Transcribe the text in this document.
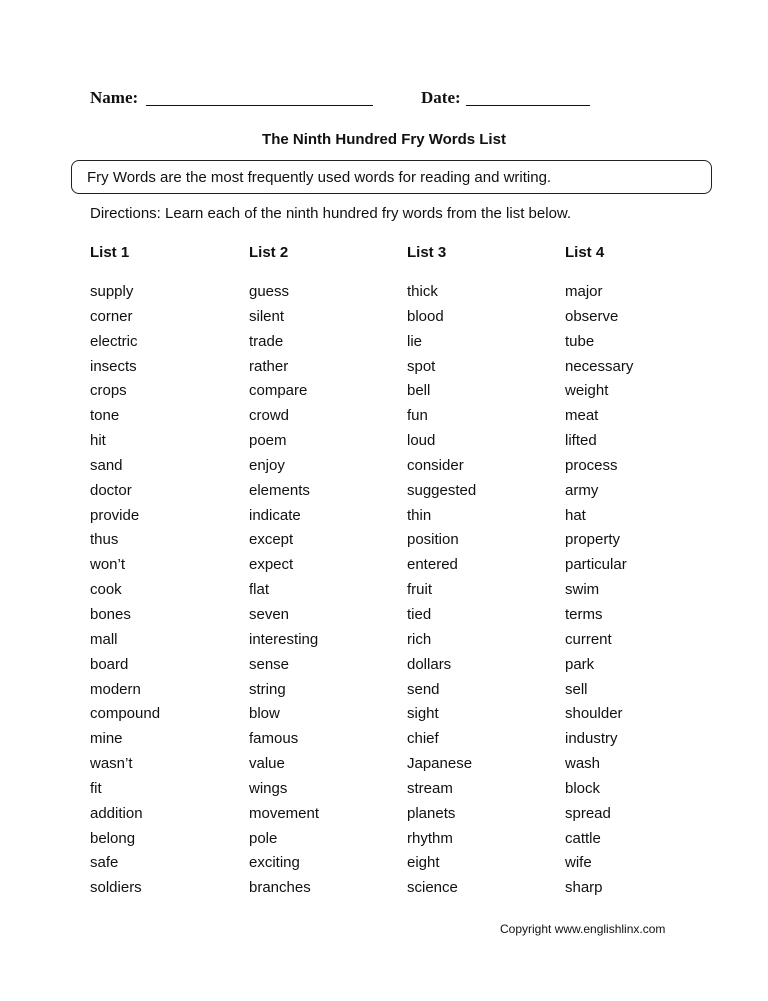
Name:	Date:
The Ninth Hundred Fry Words List
Fry Words are the most frequently used words for reading and writing.
Directions: Learn each of the ninth hundred fry words from the list below.
List 1
supply
corner
electric
insects
crops
tone
hit
sand
doctor
provide
thus
won’t
cook
bones
mall
board
modern
compound
mine
wasn’t
fit
addition
belong
safe
soldiers
List 2
guess
silent
trade
rather
compare
crowd
poem
enjoy
elements
indicate
except
expect
flat
seven
interesting
sense
string
blow
famous
value
wings
movement
pole
exciting
branches
List 3
thick
blood
lie
spot
bell
fun
loud
consider
suggested
thin
position
entered
fruit
tied
rich
dollars
send
sight
chief
Japanese
stream
planets
rhythm
eight
science
List 4
major
observe
tube
necessary
weight
meat
lifted
process
army
hat
property
particular
swim
terms
current
park
sell
shoulder
industry
wash
block
spread
cattle
wife
sharp
Copyright www.englishlinx.com
